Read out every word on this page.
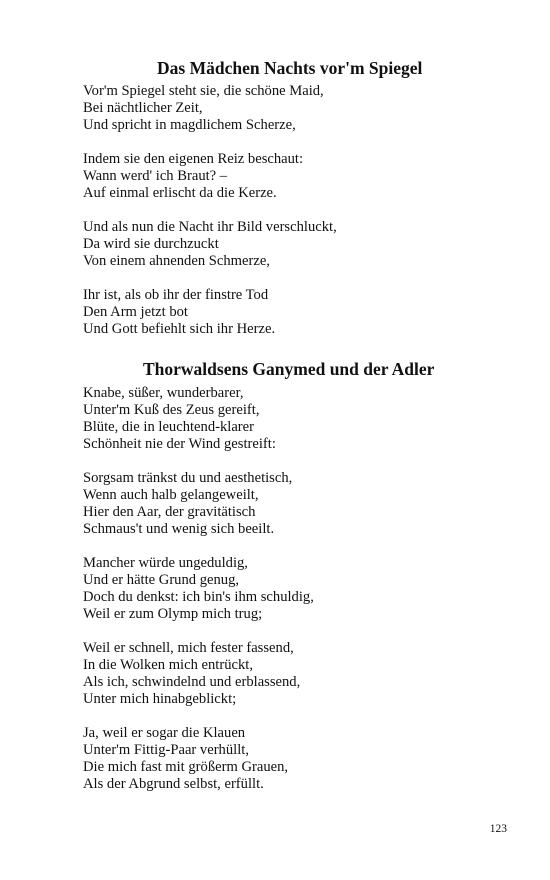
Das Mädchen Nachts vor'm Spiegel

Vor'm Spiegel steht sie, die schöne Maid,
Bei nächtlicher Zeit,
Und spricht in magdlichem Scherze,

Indem sie den eigenen Reiz beschaut:
Wann werd' ich Braut? –
Auf einmal erlischt da die Kerze.

Und als nun die Nacht ihr Bild verschluckt,
Da wird sie durchzuckt
Von einem ahnenden Schmerze,

Ihr ist, als ob ihr der finstre Tod
Den Arm jetzt bot
Und Gott befiehlt sich ihr Herze.

Thorwaldsens Ganymed und der Adler

Knabe, süßer, wunderbarer,
Unter'm Kuß des Zeus gereift,
Blüte, die in leuchtend-klarer
Schönheit nie der Wind gestreift:

Sorgsam tränkst du und aesthetisch,
Wenn auch halb gelangeweilt,
Hier den Aar, der gravitätisch
Schmaus't und wenig sich beeilt.

Mancher würde ungeduldig,
Und er hätte Grund genug,
Doch du denkst: ich bin's ihm schuldig,
Weil er zum Olymp mich trug;

Weil er schnell, mich fester fassend,
In die Wolken mich entrückt,
Als ich, schwindelnd und erblassend,
Unter mich hinabgeblickt;

Ja, weil er sogar die Klauen
Unter'm Fittig-Paar verhüllt,
Die mich fast mit größerm Grauen,
Als der Abgrund selbst, erfüllt.

123
